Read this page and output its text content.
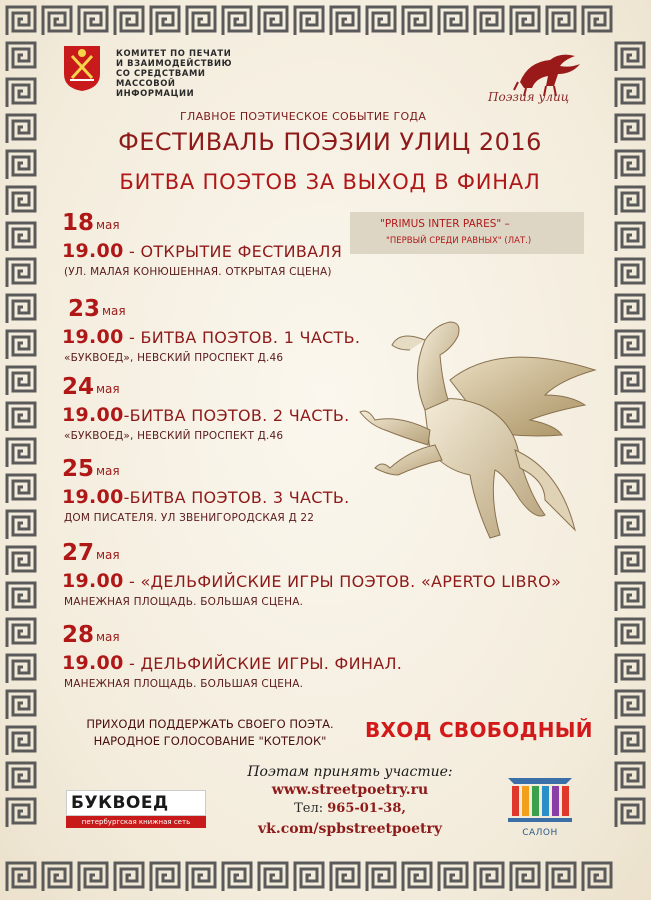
КОМИТЕТ ПО ПЕЧАТИ
И ВЗАИМОДЕЙСТВИЮ
СО СРЕДСТВАМИ
МАССОВОЙ ИНФОРМАЦИИ	Поэзия улиц
ГЛАВНОЕ ПОЭТИЧЕСКОЕ СОБЫТИЕ ГОДА
ФЕСТИВАЛЬ ПОЭЗИИ УЛИЦ 2016
БИТВА ПОЭТОВ ЗА ВЫХОД В ФИНАЛ
"PRIMUS INTER PARES" –
"ПЕРВЫЙ СРЕДИ РАВНЫХ" (ЛАТ.)
18 мая
19.00 - ОТКРЫТИЕ ФЕСТИВАЛЯ
(УЛ. МАЛАЯ КОНЮШЕННАЯ. ОТКРЫТАЯ СЦЕНА)
23 мая
19.00 - БИТВА ПОЭТОВ. 1 ЧАСТЬ.
«БУКВОЕД», НЕВСКИЙ ПРОСПЕКТ Д.46
24 мая
19.00-БИТВА ПОЭТОВ. 2 ЧАСТЬ.
«БУКВОЕД», НЕВСКИЙ ПРОСПЕКТ Д.46
25 мая
19.00-БИТВА ПОЭТОВ. 3 ЧАСТЬ.
ДОМ ПИСАТЕЛЯ. УЛ ЗВЕНИГОРОДСКАЯ Д 22
27 мая
19.00 - «ДЕЛЬФИЙСКИЕ ИГРЫ ПОЭТОВ. «APERTO LIBRO»
МАНЕЖНАЯ ПЛОЩАДЬ. БОЛЬШАЯ СЦЕНА.
28 мая
19.00 - ДЕЛЬФИЙСКИЕ ИГРЫ. ФИНАЛ.
МАНЕЖНАЯ ПЛОЩАДЬ. БОЛЬШАЯ СЦЕНА.
ПРИХОДИ ПОДДЕРЖАТЬ СВОЕГО ПОЭТА.
НАРОДНОЕ ГОЛОСОВАНИЕ "КОТЕЛОК"	ВХОД СВОБОДНЫЙ
Поэтам принять участие:
www.streetpoetry.ru
Тел: 965-01-38,
vk.com/spbstreetpoetry
БУКВОЕД
петербургская книжная сеть
САЛОН
